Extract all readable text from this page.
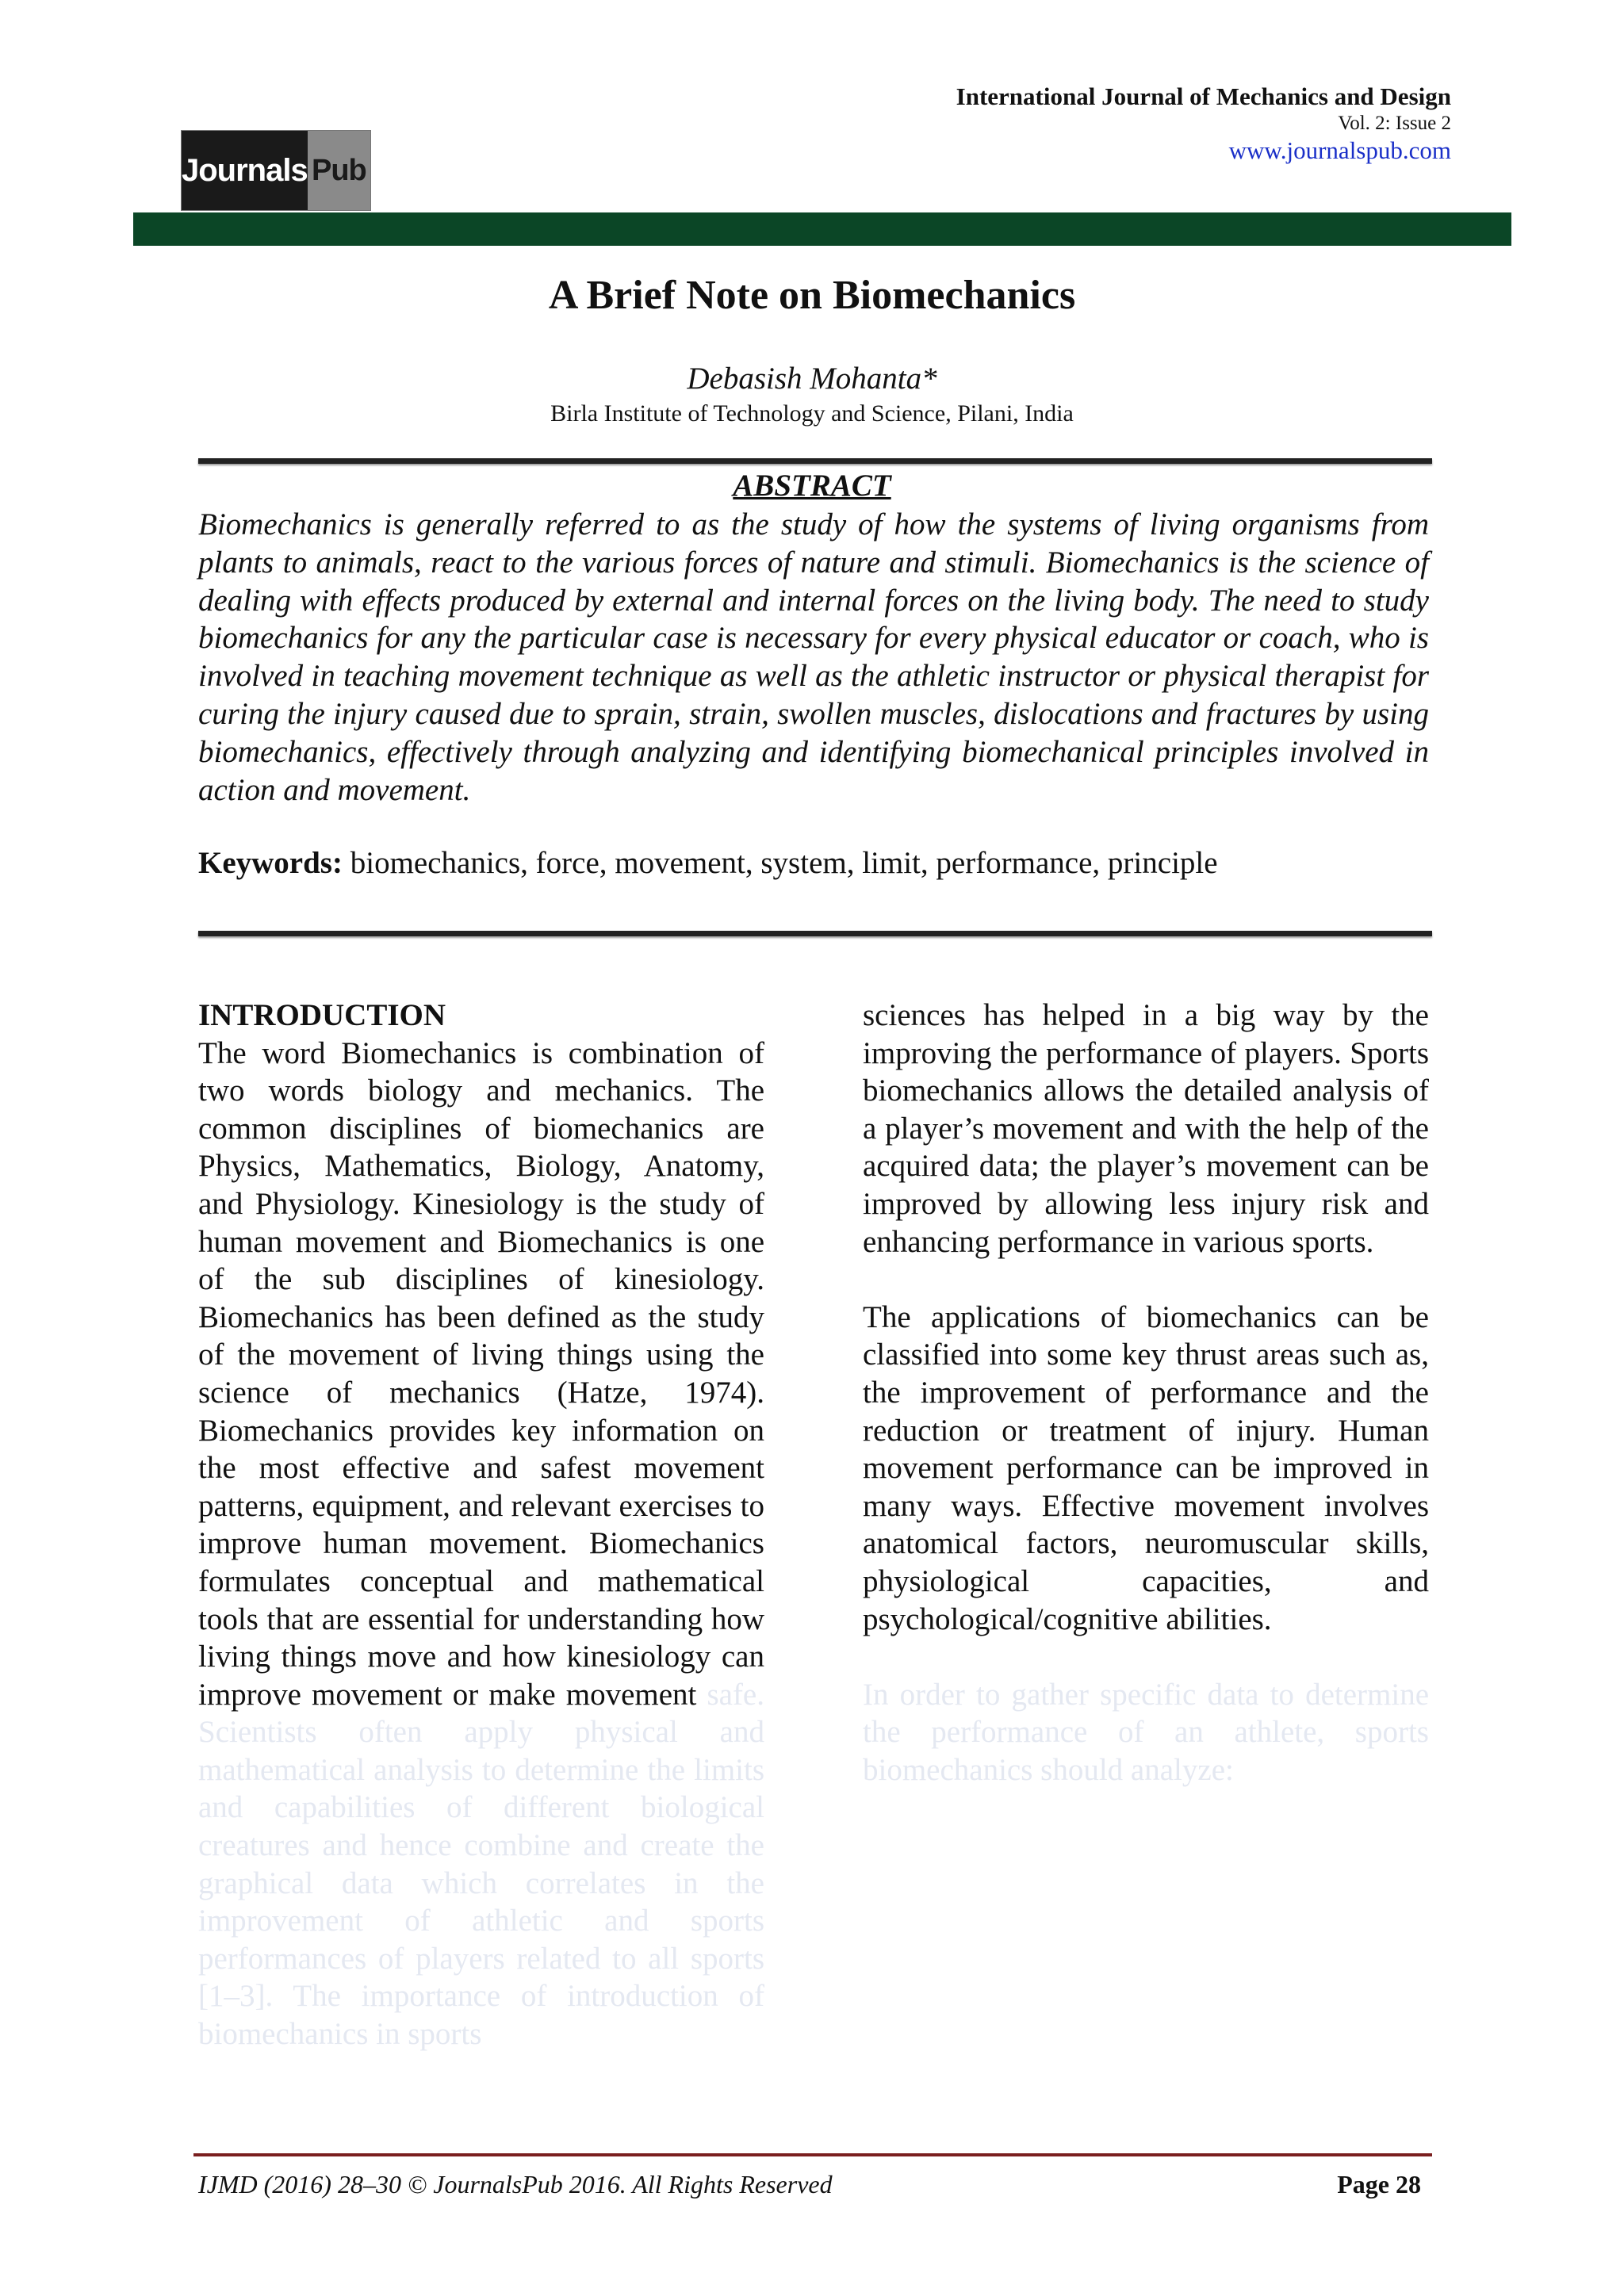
Journals Pub
International Journal of Mechanics and Design
Vol. 2: Issue 2
www.journalspub.com
A Brief Note on Biomechanics
Debasish Mohanta*
Birla Institute of Technology and Science, Pilani, India
ABSTRACT
Biomechanics is generally referred to as the study of how the systems of living organisms from plants to animals, react to the various forces of nature and stimuli. Biomechanics is the science of dealing with effects produced by external and internal forces on the living body. The need to study biomechanics for any the particular case is necessary for every physical educator or coach, who is involved in teaching movement technique as well as the athletic instructor or physical therapist for curing the injury caused due to sprain, strain, swollen muscles, dislocations and fractures by using biomechanics, effectively through analyzing and identifying biomechanical principles involved in action and movement.
Keywords: biomechanics, force, movement, system, limit, performance, principle
INTRODUCTION

The word Biomechanics is combination of two words biology and mechanics. The common disciplines of biomechanics are Physics, Mathematics, Biology, Anatomy, and Physiology. Kinesiology is the study of human movement and Biomechanics is one of the sub disciplines of kinesiology. Biomechanics has been defined as the study of the movement of living things using the science of mechanics (Hatze, 1974). Biomechanics provides key information on the most effective and safest movement patterns, equipment, and relevant exercises to improve human movement. Biomechanics formulates conceptual and mathematical tools that are essential for understanding how living things move and how kinesiology can improve movement or make movement safe. Scientists often apply physical and mathematical analysis to determine the limits and capabilities of different biological creatures and hence combine and create the graphical data which correlates in the improvement of athletic and sports performances of players related to all sports [1–3]. The importance of introduction of biomechanics in sports

sciences has helped in a big way by the improving the performance of players. Sports biomechanics allows the detailed analysis of a player’s movement and with the help of the acquired data; the player’s movement can be improved by allowing less injury risk and enhancing performance in various sports.

The applications of biomechanics can be classified into some key thrust areas such as, the improvement of performance and the reduction or treatment of injury. Human movement performance can be improved in many ways. Effective movement involves anatomical factors, neuromuscular skills, physiological capacities, and psychological/cognitive abilities.

In order to gather specific data to determine the performance of an athlete, sports biomechanics should analyze:

IJMD (2016) 28–30 © JournalsPub 2016. All Rights Reserved	Page 28
